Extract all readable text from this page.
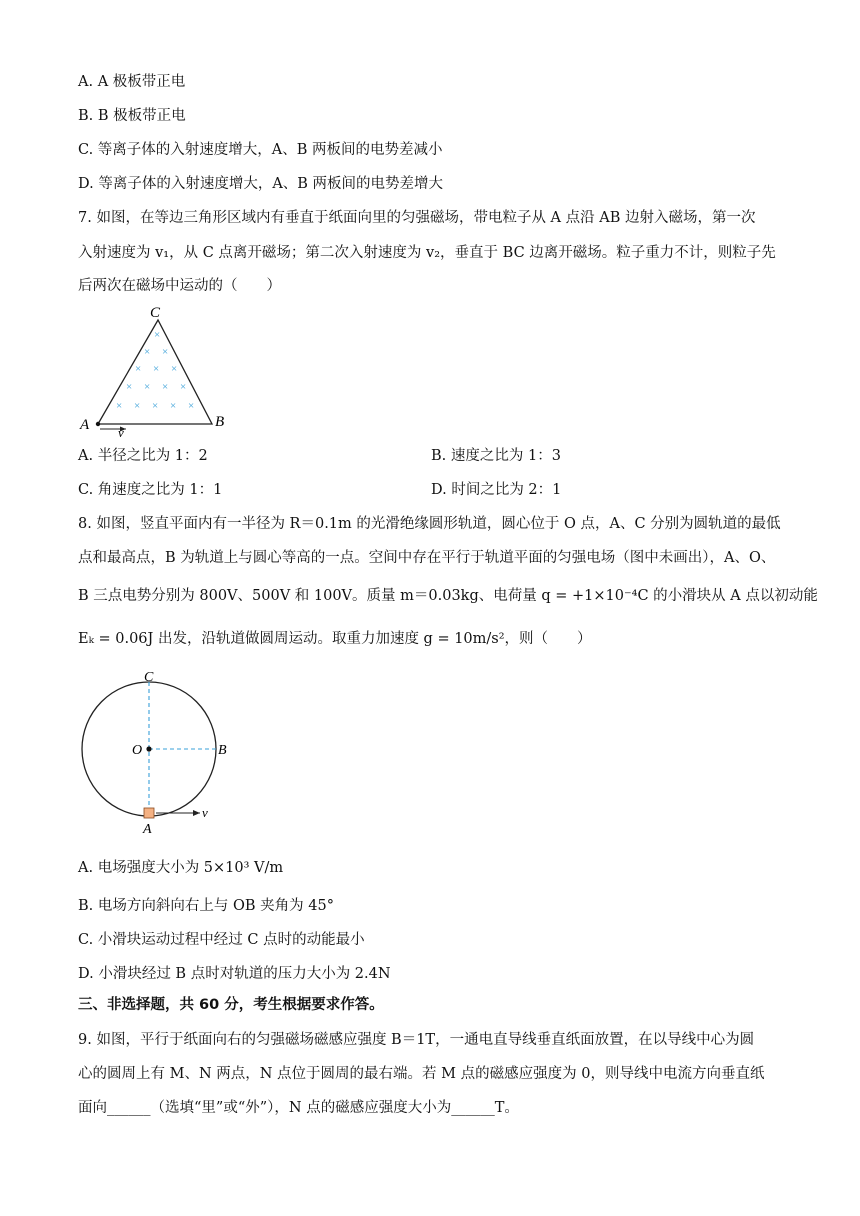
A. A 极板带正电
B. B 极板带正电
C. 等离子体的入射速度增大，A、B 两板间的电势差减小
D. 等离子体的入射速度增大，A、B 两板间的电势差增大
7. 如图，在等边三角形区域内有垂直于纸面向里的匀强磁场，带电粒子从 A 点沿 AB 边射入磁场，第一次
入射速度为 v₁，从 C 点离开磁场；第二次入射速度为 v₂，垂直于 BC 边离开磁场。粒子重力不计，则粒子先
后两次在磁场中运动的（　　）
×
× ×
× × ×
× × × ×
× × × × ×
C
A	B
v
A. 半径之比为 1：2	B. 速度之比为 1：3
C. 角速度之比为 1：1	D. 时间之比为 2：1
8. 如图，竖直平面内有一半径为 R＝0.1m 的光滑绝缘圆形轨道，圆心位于 O 点，A、C 分别为圆轨道的最低
点和最高点，B 为轨道上与圆心等高的一点。空间中存在平行于轨道平面的匀强电场（图中未画出），A、O、
B 三点电势分别为 800V、500V 和 100V。质量 m＝0.03kg、电荷量 q = +1×10⁻⁴C 的小滑块从 A 点以初动能
Eₖ = 0.06J 出发，沿轨道做圆周运动。取重力加速度 g = 10m/s²，则（　　）
C
O	B
A
v
A. 电场强度大小为 5×10³ V/m
B. 电场方向斜向右上与 OB 夹角为 45°
C. 小滑块运动过程中经过 C 点时的动能最小
D. 小滑块经过 B 点时对轨道的压力大小为 2.4N
三、非选择题，共 60 分，考生根据要求作答。
9. 如图，平行于纸面向右的匀强磁场磁感应强度 B＝1T，一通电直导线垂直纸面放置，在以导线中心为圆
心的圆周上有 M、N 两点，N 点位于圆周的最右端。若 M 点的磁感应强度为 0，则导线中电流方向垂直纸
面向______（选填“里”或“外”），N 点的磁感应强度大小为______T。
